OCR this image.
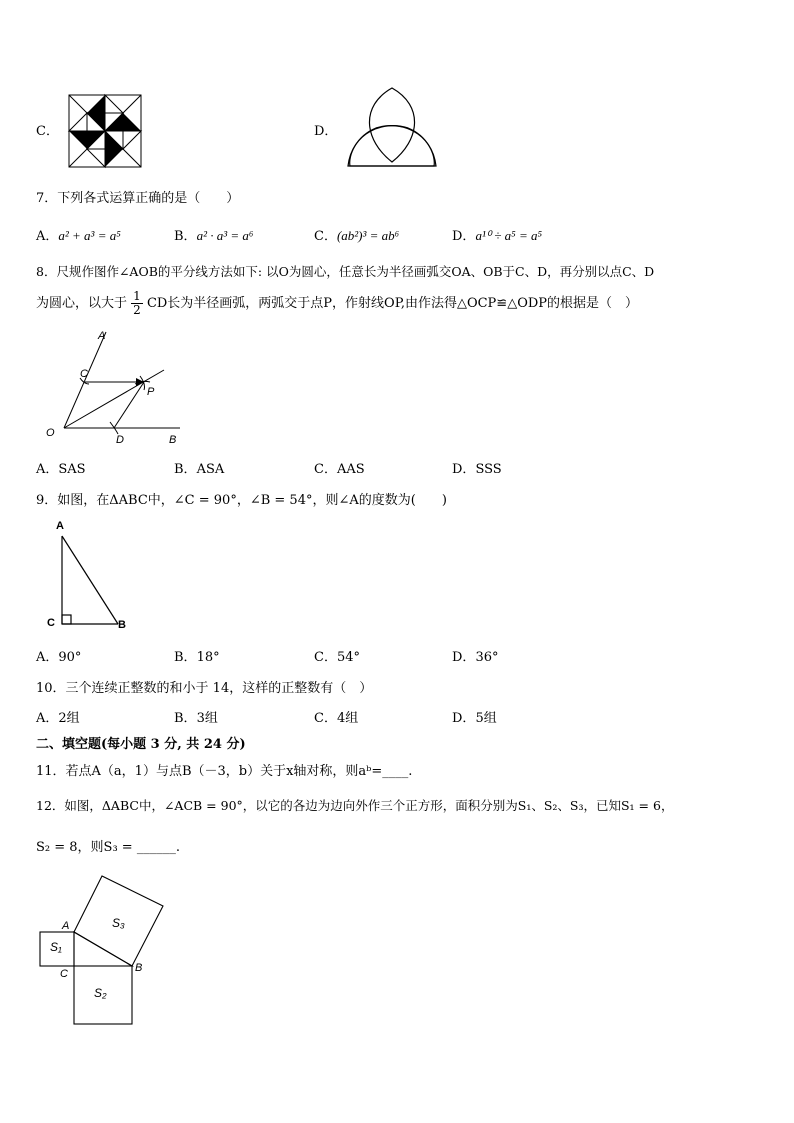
C．	D．
7．下列各式运算正确的是（　　）
A．a² + a³ = a⁵	B．a² · a³ = a⁶	C．(ab²)³ = ab⁶	D．a¹⁰ ÷ a⁵ = a⁵
8．尺规作图作∠AOB的平分线方法如下: 以O为圆心，任意长为半径画弧交OA、OB于C、D，再分别以点C、D
为圆心，以大于 $\frac{1}{2}$ CD长为半径画弧，两弧交于点P，作射线OP,由作法得△OCP≌△ODP的根据是（　）
A
C
P
O
D	B
A．SAS	B．ASA	C．AAS	D．SSS
9．如图，在ΔABC中，∠C = 90°，∠B = 54°，则∠A的度数为(　　)
A
C	B
A．90°	B．18°	C．54°	D．36°
10．三个连续正整数的和小于 14，这样的正整数有（　）
A．2组	B．3组	C．4组	D．5组
二、填空题(每小题 3 分, 共 24 分)
11．若点A（a，1）与点B（－3，b）关于x轴对称，则aᵇ=____.
12．如图，ΔABC中，∠ACB = 90°，以它的各边为边向外作三个正方形，面积分别为S₁、S₂、S₃，已知S₁ = 6，
S₂ = 8，则S₃ = ______.
A
C	B
S₁
S₂
S₃
